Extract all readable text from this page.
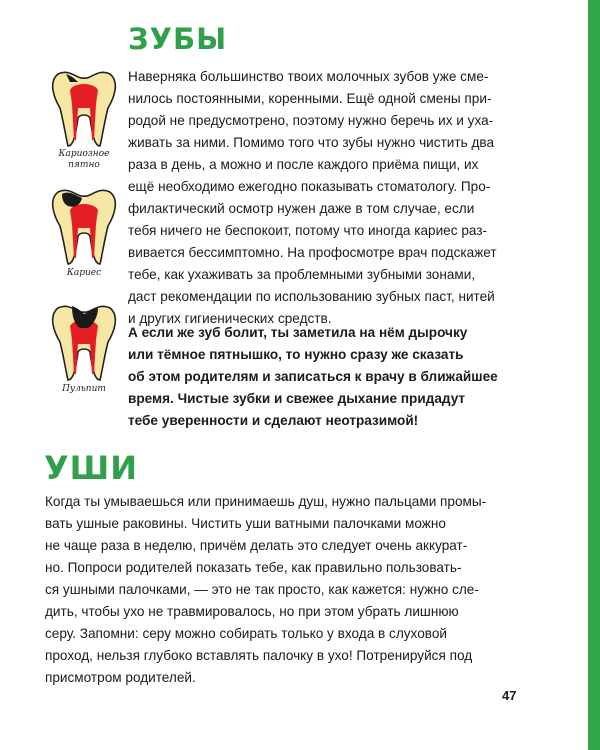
ЗУБЫ
Кариозное
пятно
Кариес
Пульпит

Наверняка большинство твоих молочных зубов уже сме-
нилось постоянными, коренными. Ещё одной смены при-
родой не предусмотрено, поэтому нужно беречь их и уха-
живать за ними. Помимо того что зубы нужно чистить два
раза в день, а можно и после каждого приёма пищи, их
ещё необходимо ежегодно показывать стоматологу. Про-
филактический осмотр нужен даже в том случае, если
тебя ничего не беспокоит, потому что иногда кариес раз-
вивается бессимптомно. На профосмотре врач подскажет
тебе, как ухаживать за проблемными зубными зонами,
даст рекомендации по использованию зубных паст, нитей
и других гигиенических средств.

А если же зуб болит, ты заметила на нём дырочку
или тёмное пятнышко, то нужно сразу же сказать
об этом родителям и записаться к врачу в ближайшее
время. Чистые зубки и свежее дыхание придадут
тебе уверенности и сделают неотразимой!

УШИ

Когда ты умываешься или принимаешь душ, нужно пальцами промы-
вать ушные раковины. Чистить уши ватными палочками можно
не чаще раза в неделю, причём делать это следует очень аккурат-
но. Попроси родителей показать тебе, как правильно пользовать-
ся ушными палочками, — это не так просто, как кажется: нужно сле-
дить, чтобы ухо не травмировалось, но при этом убрать лишнюю
серу. Запомни: серу можно собирать только у входа в слуховой
проход, нельзя глубоко вставлять палочку в ухо! Потренируйся под
присмотром родителей.

47
